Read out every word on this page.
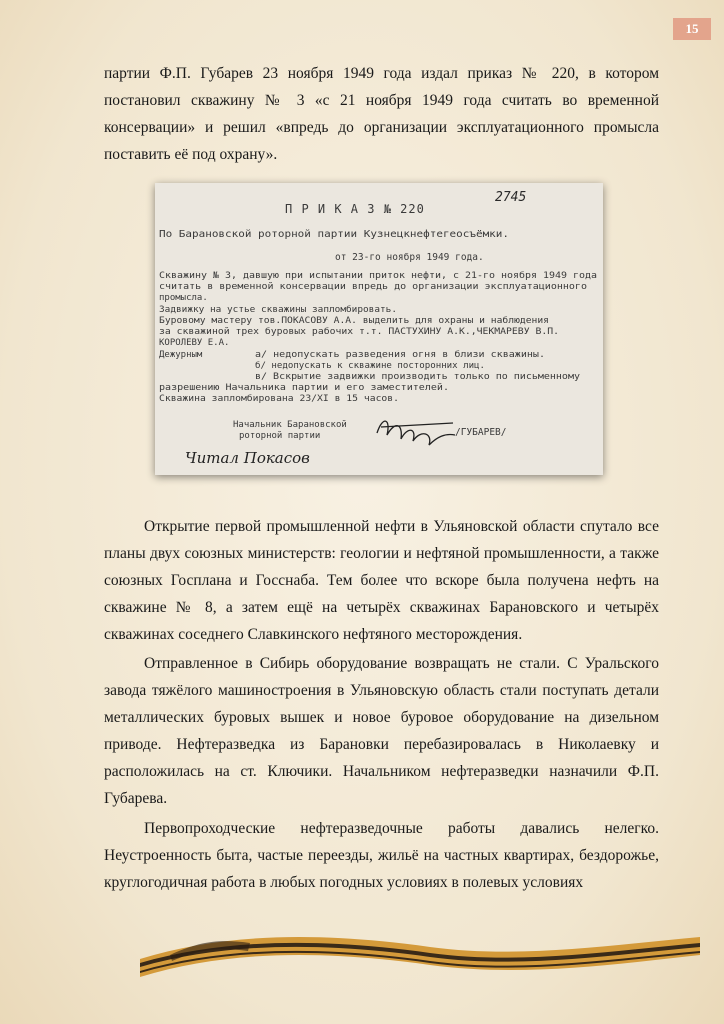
15

партии Ф.П. Губарев 23 ноября 1949 года издал приказ № 220, в котором постановил скважину № 3 «с 21 ноября 1949 года считать во временной консервации» и решил «впредь до организации эксплуатационного промысла поставить её под охрану».

2745
П Р И К А З № 220
По Барановской роторной партии Кузнецкнефтегеосъёмки.
от 23-го ноября 1949 года.
Скважину № 3, давшую при испытании приток нефти, с 21-го ноября 1949 года
считать в временной консервации впредь до организации эксплуатационного
промысла.
Задвижку на устье скважины запломбировать.
Буровому мастеру тов.ПОКАСОВУ А.А. выделить для охраны и наблюдения
за скважиной трех буровых рабочих т.т. ПАСТУХИНУ А.К.,ЧЕКМАРЕВУ В.П.
КОРОЛЕВУ Е.А.
Дежурным	а/ недопускать разведения огня в близи скважины.
б/ недопускать к скважине посторонних лиц.
в/ Вскрытие задвижки производить только по письменному
разрешению Начальника партии и его заместителей.
Скважина запломбирована 23/XI в 15 часов.
Начальник Барановской
роторной партии	/ГУБАРЕВ/
Читал Покасов

Открытие первой промышленной нефти в Ульяновской области спутало все планы двух союзных министерств: геологии и нефтяной промышленности, а также союзных Госплана и Госснаба. Тем более что вскоре была получена нефть на скважине № 8, а затем ещё на четырёх скважинах Барановского и четырёх скважинах соседнего Славкинского нефтяного месторождения.

Отправленное в Сибирь оборудование возвращать не стали. С Уральского завода тяжёлого машиностроения в Ульяновскую область стали поступать детали металлических буровых вышек и новое буровое оборудование на дизельном приводе. Нефтеразведка из Барановки перебазировалась в Николаевку и расположилась на ст. Ключики. Начальником нефтеразведки назначили Ф.П. Губарева.

Первопроходческие нефтеразведочные работы давались нелегко. Неустроенность быта, частые переезды, жильё на частных квартирах, бездорожье, круглогодичная работа в любых погодных условиях в полевых условиях
